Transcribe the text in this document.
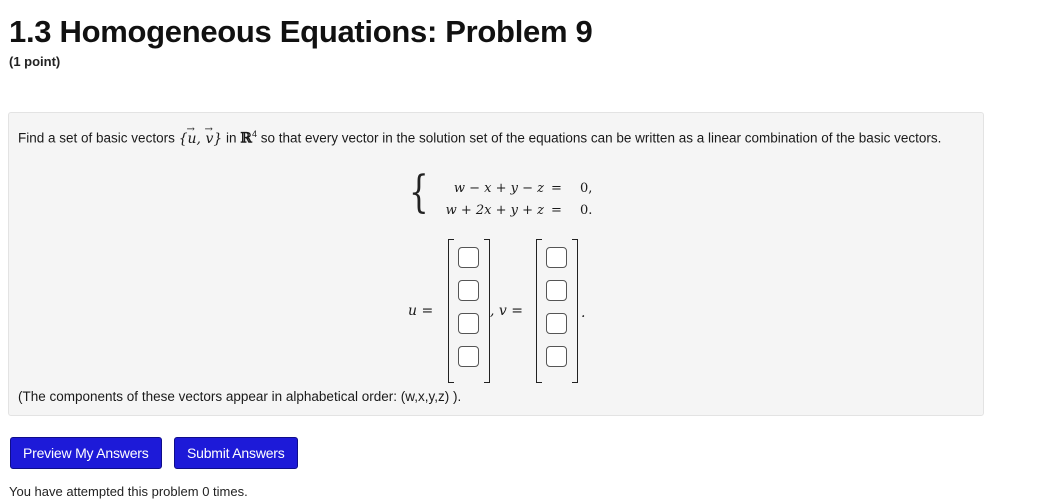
1.3 Homogeneous Equations: Problem 9
(1 point)
Find a set of basic vectors {→ u, → v} in ℝ$^4$ so that every vector in the solution set of the equations can be written as a linear combination of the basic vectors.
{ w − x + y − z = 0,
w + 2x + y + z = 0.
u =	, v =	.
(The components of these vectors appear in alphabetical order: (w,x,y,z) ).
Preview My Answers	Submit Answers
You have attempted this problem 0 times.
